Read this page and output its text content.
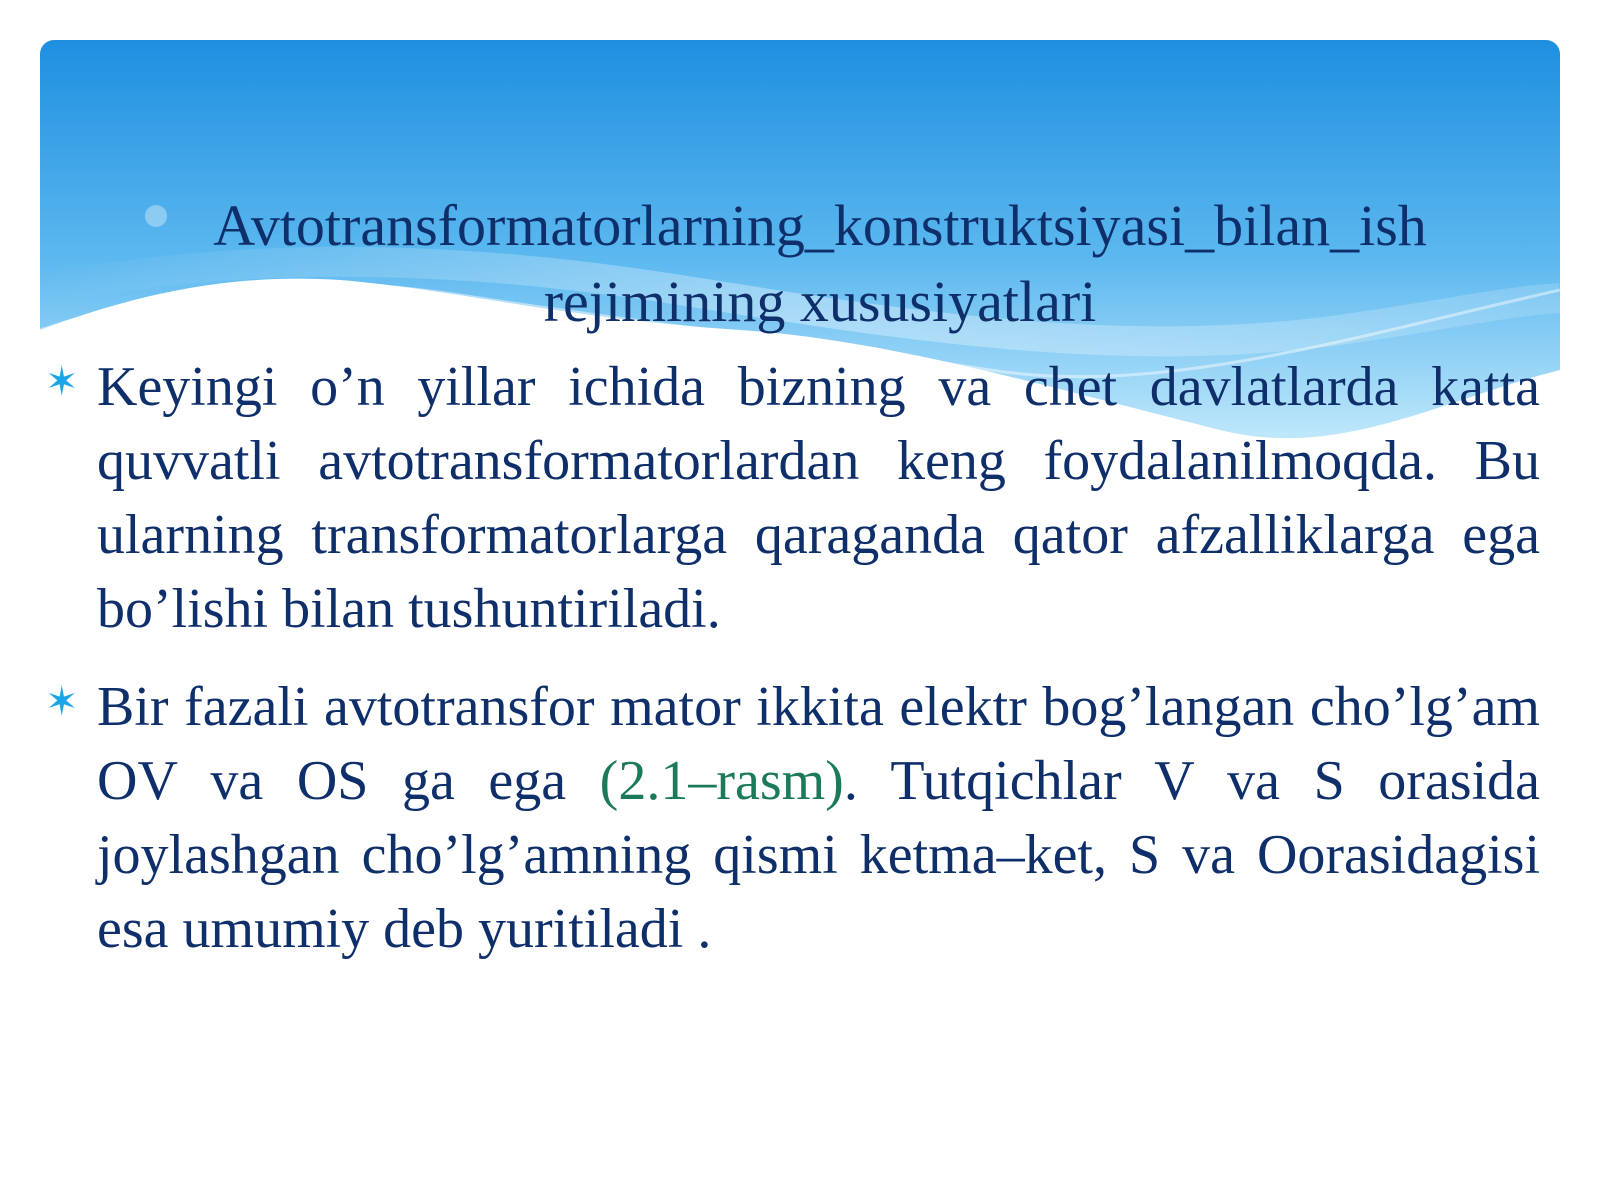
Avtotransformatorlarning_konstruktsiyasi_bilan_ish
rejimining xususiyatlari
✶ Keyingi o’n yillar ichida bizning va chet davlatlarda katta quvvatli avtotransformatorlardan keng foydalanilmoqda. Bu ularning transformatorlarga qaraganda qator afzalliklarga ega bo’lishi bilan tushuntiriladi.
✶ Bir fazali avtotransfor mator ikkita elektr bog’langan cho’lg’am OV va OS ga ega (2.1–rasm). Tutqichlar V va S orasida joylashgan cho’lg’amning qismi ketma–ket, S va Oorasidagisi esa umumiy deb yuritiladi .
